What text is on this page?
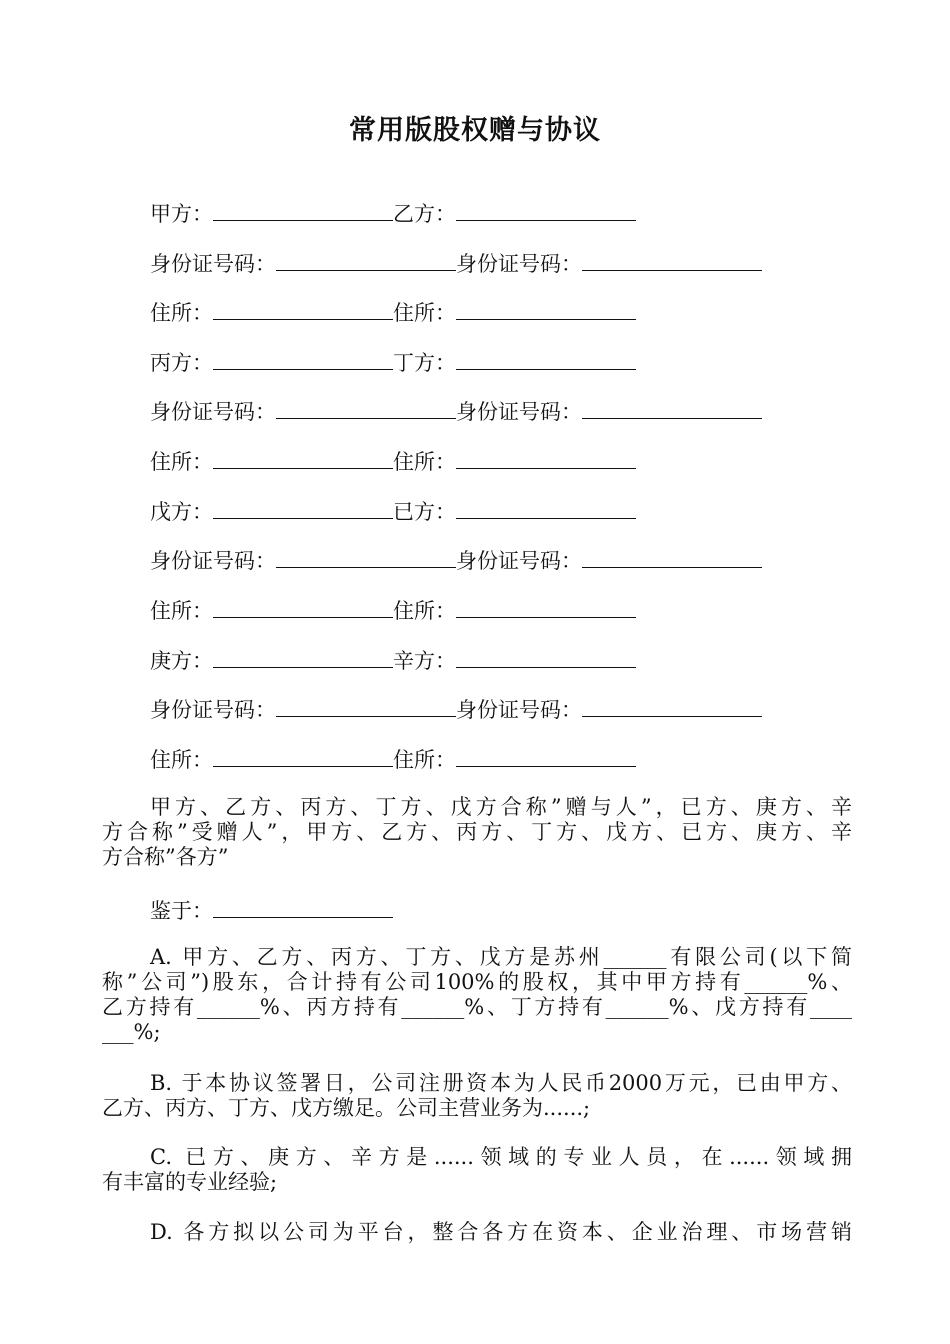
常用版股权赠与协议
甲方：	乙方：
身份证号码：	身份证号码：
住所：	住所：
丙方：	丁方：
身份证号码：	身份证号码：
住所：	住所：
戊方：	已方：
身份证号码：	身份证号码：
住所：	住所：
庚方：	辛方：
身份证号码：	身份证号码：
住所：	住所：
甲方、乙方、丙方、丁方、戊方合称”赠与人”，已方、庚方、辛
方合称”受赠人”，甲方、乙方、丙方、丁方、戊方、已方、庚方、辛
方合称”各方”
鉴于：
A. 甲方、乙方、丙方、丁方、戊方是苏州______有限公司(以下简
称”公司”)股东，合计持有公司100%的股权，其中甲方持有______%、
乙方持有______%、丙方持有______%、丁方持有______%、戊方持有____
___%;
B. 于本协议签署日，公司注册资本为人民币2000万元，已由甲方、
乙方、丙方、丁方、戊方缴足。公司主营业务为......;
C. 已方、庚方、辛方是......领域的专业人员，在......领域拥
有丰富的专业经验;
D. 各方拟以公司为平台，整合各方在资本、企业治理、市场营销
